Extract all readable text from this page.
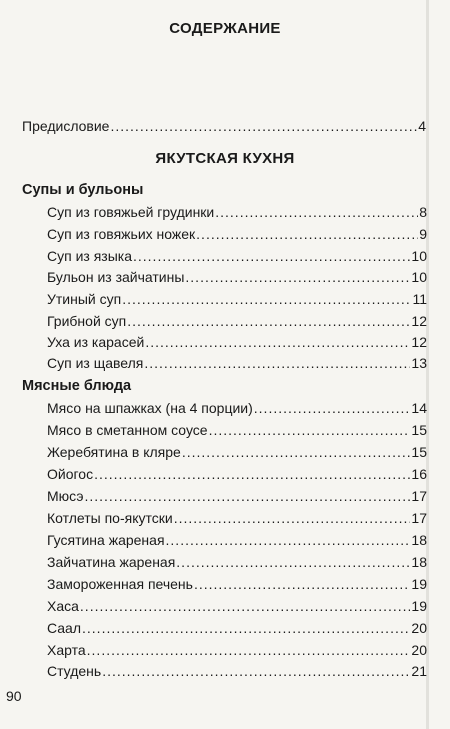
СОДЕРЖАНИЕ
Предисловие .....	4
ЯКУТСКАЯ КУХНЯ
Супы и бульоны
Суп из говяжьей грудинки .....	8
Суп из говяжьих ножек .....	9
Суп из языка .....	10
Бульон из зайчатины .....	10
Утиный суп .....	11
Грибной суп .....	12
Уха из карасей .....	12
Суп из щавеля .....	13
Мясные блюда
Мясо на шпажках (на 4 порции) .....	14
Мясо в сметанном соусе .....	15
Жеребятина в кляре .....	15
Ойогос .....	16
Мюсэ .....	17
Котлеты по-якутски .....	17
Гусятина жареная .....	18
Зайчатина жареная .....	18
Замороженная печень .....	19
Хаса .....	19
Саал .....	20
Харта .....	20
Студень .....	21
90
